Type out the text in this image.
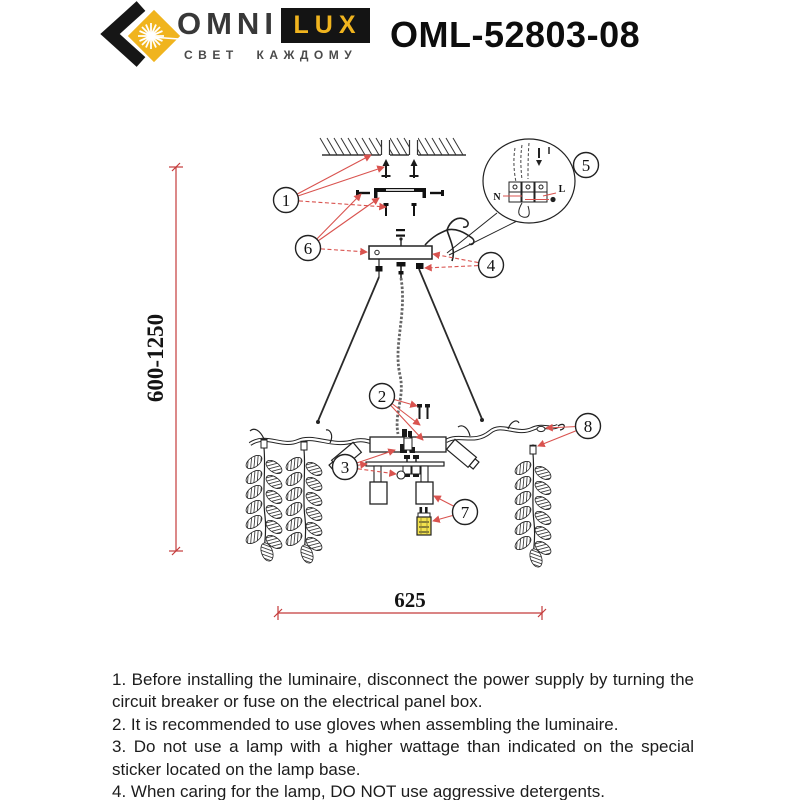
OMNI LUX
СВЕТ КАЖДОМУ OML-52803-08
N
L
600-1250
625
1
6
4
5
2
3
7
8

1. Before installing the luminaire, disconnect the power supply by turning the circuit breaker or fuse on the electrical panel box.

2. It is recommended to use gloves when assembling the luminaire.

3. Do not use a lamp with a higher wattage than indicated on the special sticker located on the lamp base.

4. When caring for the lamp, DO NOT use aggressive detergents.
